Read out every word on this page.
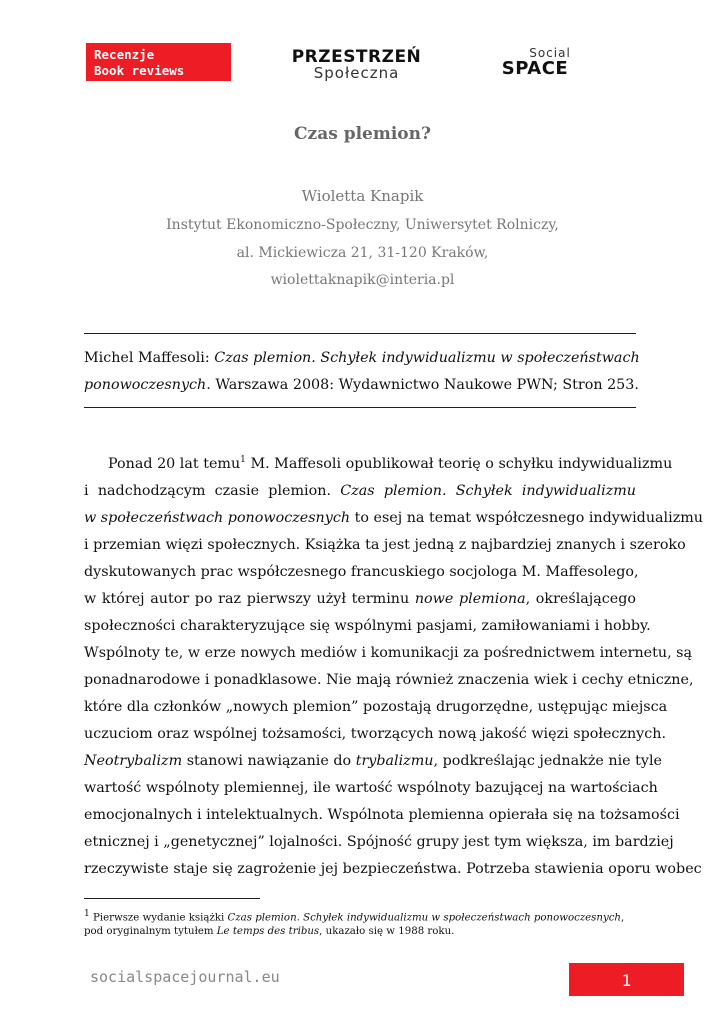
Recenzje
Book reviews
PRZESTRZEŃ
Społeczna
Social
SPACE
Czas plemion?
Wioletta Knapik
Instytut Ekonomiczno-Społeczny, Uniwersytet Rolniczy,
al. Mickiewicza 21, 31-120 Kraków,
wiolettaknapik@interia.pl
Michel Maffesoli: Czas plemion. Schyłek indywidualizmu w społeczeństwach
ponowoczesnych. Warszawa 2008: Wydawnictwo Naukowe PWN; Stron 253.
Ponad 20 lat temu$^1$ M. Maffesoli opublikował teorię o schyłku indywidualizmu
i nadchodzącym czasie plemion. Czas plemion. Schyłek indywidualizmu
w społeczeństwach ponowoczesnych to esej na temat współczesnego indywidualizmu
i przemian więzi społecznych. Książka ta jest jedną z najbardziej znanych i szeroko
dyskutowanych prac współczesnego francuskiego socjologa M. Maffesolego,
w której autor po raz pierwszy użył terminu nowe plemiona, określającego
społeczności charakteryzujące się wspólnymi pasjami, zamiłowaniami i hobby.
Wspólnoty te, w erze nowych mediów i komunikacji za pośrednictwem internetu, są
ponadnarodowe i ponadklasowe. Nie mają również znaczenia wiek i cechy etniczne,
które dla członków „nowych plemion” pozostają drugorzędne, ustępując miejsca
uczuciom oraz wspólnej tożsamości, tworzących nową jakość więzi społecznych.
Neotrybalizm stanowi nawiązanie do trybalizmu, podkreślając jednakże nie tyle
wartość wspólnoty plemiennej, ile wartość wspólnoty bazującej na wartościach
emocjonalnych i intelektualnych. Wspólnota plemienna opierała się na tożsamości
etnicznej i „genetycznej” lojalności. Spójność grupy jest tym większa, im bardziej
rzeczywiste staje się zagrożenie jej bezpieczeństwa. Potrzeba stawienia oporu wobec
$^1$ Pierwsze wydanie książki Czas plemion. Schyłek indywidualizmu w społeczeństwach ponowoczesnych, pod oryginalnym tytułem Le temps des tribus, ukazało się w 1988 roku.
socialspacejournal.eu	1
